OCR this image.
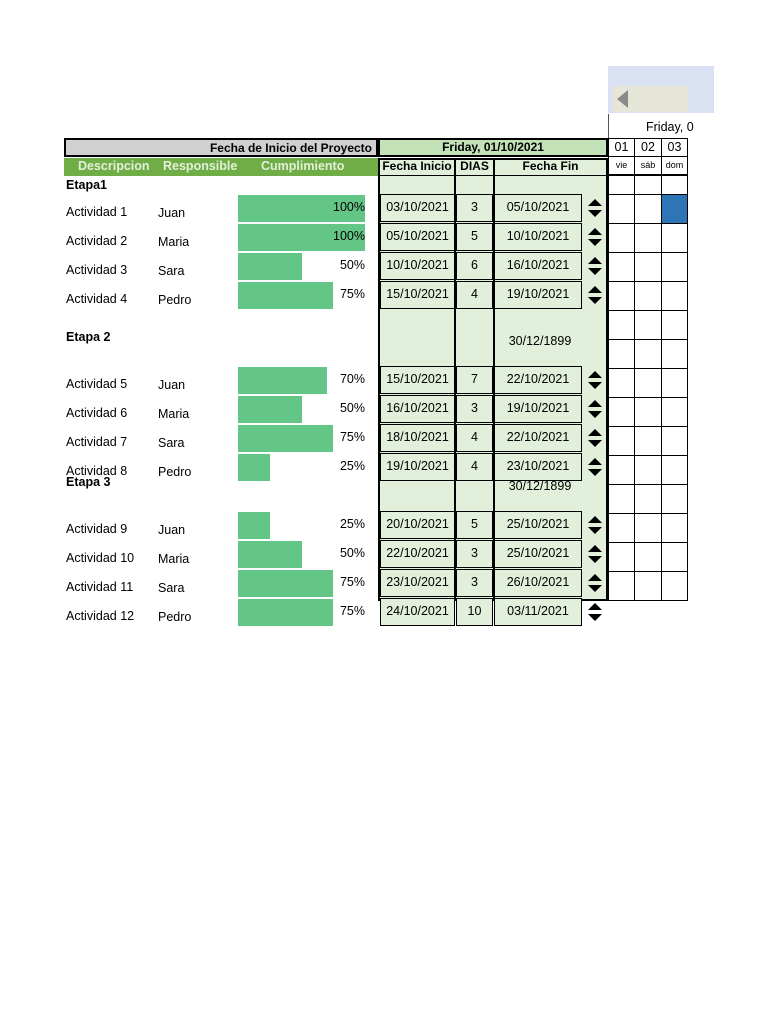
Friday, 0
Fecha de Inicio del Proyecto	Friday, 01/10/2021
Descripcion Responsible Cumplimiento	Fecha Inicio DIAS	Fecha Fin
01	02	03
vie	sáb	dom
Etapa1
Actividad 1 Juan	100%	03/10/2021	3	05/10/2021
Actividad 2 Maria	100%	05/10/2021	5	10/10/2021
Actividad 3 Sara	50%	10/10/2021	6	16/10/2021
Actividad 4 Pedro	75%	15/10/2021	4	19/10/2021
Etapa 2	30/12/1899
Actividad 5 Juan	70%	15/10/2021	7	22/10/2021
Actividad 6 Maria	50%	16/10/2021	3	19/10/2021
Actividad 7 Sara	75%	18/10/2021	4	22/10/2021
Actividad 8 Pedro	25%	19/10/2021	4	23/10/2021
Etapa 3	30/12/1899
Actividad 9 Juan	25%	20/10/2021	5	25/10/2021
Actividad 10 Maria	50%	22/10/2021	3	25/10/2021
Actividad 11 Sara	75%	23/10/2021	3	26/10/2021
Actividad 12 Pedro	75%	24/10/2021	10	03/11/2021
